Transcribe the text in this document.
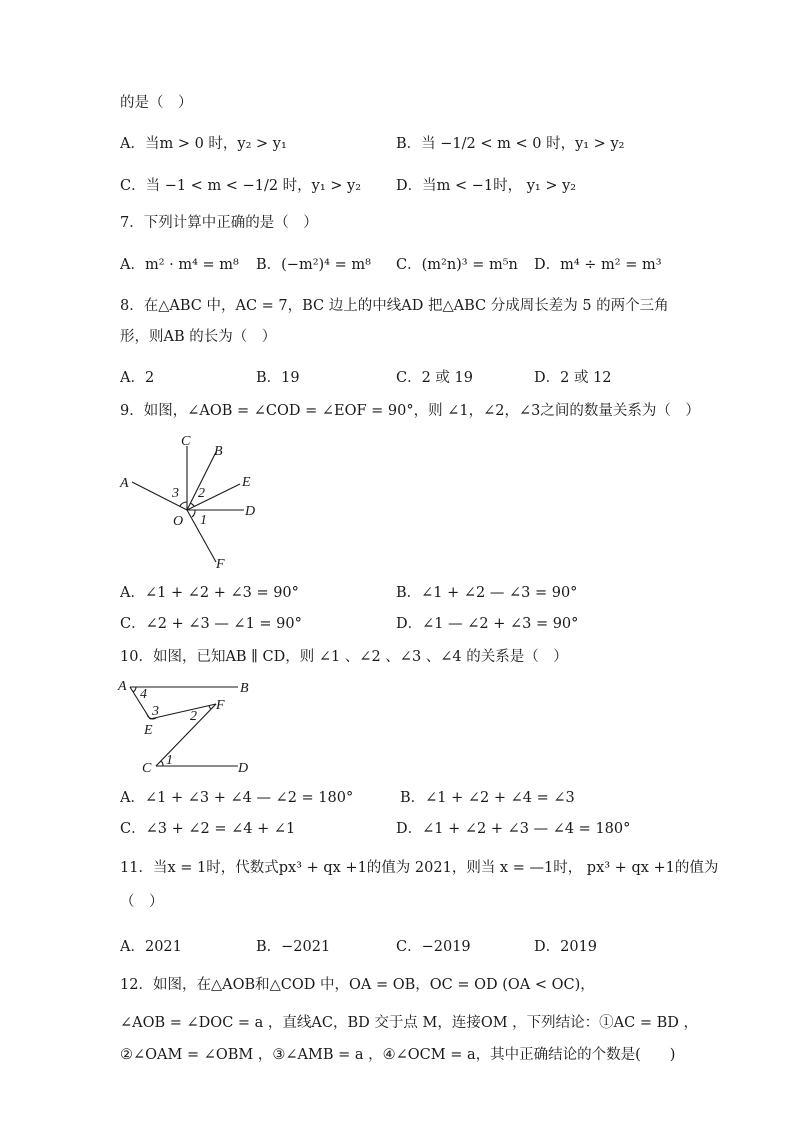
的是（　）
A．当m > 0 时，y₂ > y₁	B．当 −1/2 < m < 0 时，y₁ > y₂
C．当 −1 < m < −1/2 时，y₁ > y₂ D．当m < −1时， y₁ > y₂
7．下列计算中正确的是（　）
A．m² · m⁴ = m⁸ B．(−m²)⁴ = m⁸ C．(m²n)³ = m⁵n D．m⁴ ÷ m² = m³
8．在△ABC 中，AC = 7，BC 边上的中线AD 把△ABC 分成周长差为 5 的两个三角
形，则AB 的长为（　）
A．2	B．19	C．2 或 19	D．2 或 12
9．如图，∠AOB = ∠COD = ∠EOF = 90°，则 ∠1，∠2，∠3之间的数量关系为（　）
A
C
B
E
D
F
O
3 2
1
A．∠1 + ∠2 + ∠3 = 90°	B．∠1 + ∠2 — ∠3 = 90°
C．∠2 + ∠3 — ∠1 = 90°	D．∠1 — ∠2 + ∠3 = 90°
10．如图，已知AB ∥ CD，则 ∠1 、∠2 、∠3 、∠4 的关系是（　）
A	B
F
E
C	D
4
3 2
1
A．∠1 + ∠3 + ∠4 — ∠2 = 180°	B．∠1 + ∠2 + ∠4 = ∠3
C．∠3 + ∠2 = ∠4 + ∠1	D．∠1 + ∠2 + ∠3 — ∠4 = 180°
11．当x = 1时，代数式px³ + qx +1的值为 2021，则当 x = —1时， px³ + qx +1的值为
（　）
A．2021	B．−2021	C．−2019	D．2019
12．如图，在△AOB和△COD 中，OA = OB，OC = OD (OA < OC)，
∠AOB = ∠DOC = a ，直线AC，BD 交于点 M，连接OM ，下列结论：①AC = BD ，
②∠OAM = ∠OBM ，③∠AMB = a ，④∠OCM = a，其中正确结论的个数是(　　)
